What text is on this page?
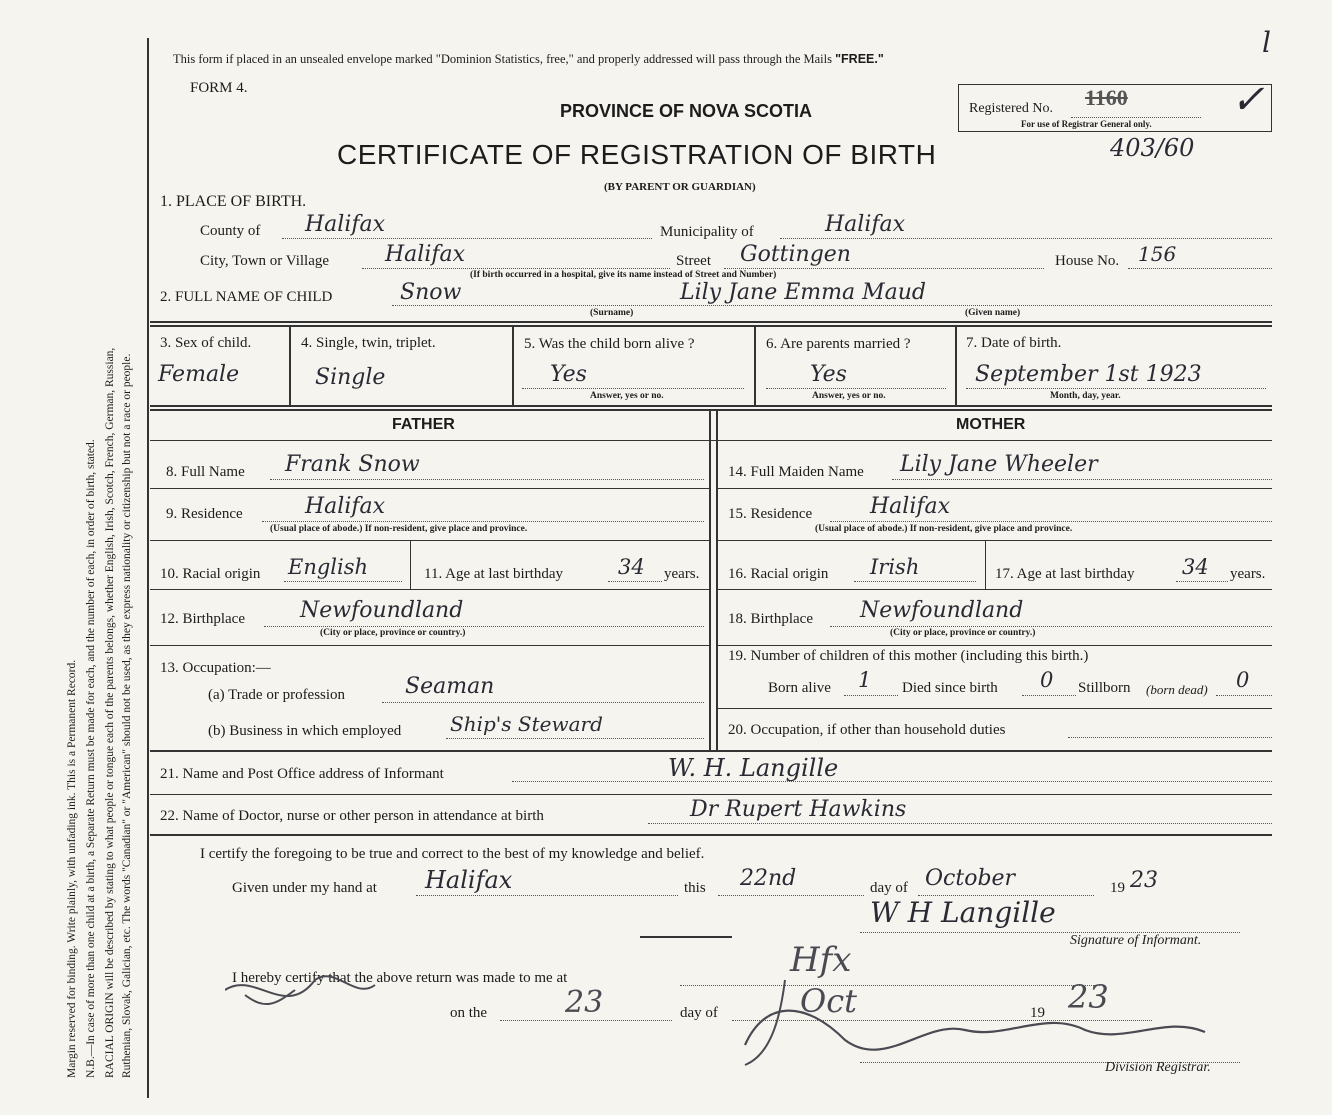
Margin reserved for binding. Write plainly, with unfading ink. This is a Permanent Record. N.B.—In case of more than one child at a birth, a Separate Return must be made for each, and the number of each, in order of birth, stated. RACIAL ORIGIN will be described by stating to what people or tongue each of the parents belongs, whether English, Irish, Scotch, French, German, Russian, Ruthenian, Slovak, Galician, etc. The words "Canadian" or "American" should not be used, as they express nationality or citizenship but not a race or people.
This form if placed in an unsealed envelope marked "Dominion Statistics, free," and properly addressed will pass through the Mails "FREE."	l
FORM 4.
PROVINCE OF NOVA SCOTIA
CERTIFICATE OF REGISTRATION OF BIRTH
(BY PARENT OR GUARDIAN)
403/60
Registered No. 1160
For use of Registrar General only.
✓
1. PLACE OF BIRTH.
County of Halifax	Municipality of	Halifax
City, Town or Village	Halifax	Street Gottingen	House No. 156
(If birth occurred in a hospital, give its name instead of Street and Number)
2. FULL NAME OF CHILD	Snow	Lily Jane Emma Maud
(Surname)	(Given name)
3. Sex of child.
Female
4. Single, twin, triplet.
Single
5. Was the child born alive ?
Yes
Answer, yes or no.
6. Are parents married ?
Yes
Answer, yes or no.
7. Date of birth.
September 1st 1923
Month, day, year.
FATHER	MOTHER
8. Full Name Frank Snow
9. Residence	Halifax
(Usual place of abode.) If non-resident, give place and province.
10. Racial origin English	11. Age at last birthday	34 years.
12. Birthplace	Newfoundland
(City or place, province or country.)
13. Occupation:—
(a) Trade or profession	Seaman
(b) Business in which employed Ship's Steward
14. Full Maiden Name Lily Jane Wheeler
15. Residence	Halifax
(Usual place of abode.) If non-resident, give place and province.
16. Racial origin Irish	17. Age at last birthday 34 years.
18. Birthplace Newfoundland
(City or place, province or country.)
19. Number of children of this mother (including this birth.)
Born alive 1 Died since birth 0 Stillborn (born dead) 0
20. Occupation, if other than household duties
21. Name and Post Office address of Informant	W. H. Langille
22. Name of Doctor, nurse or other person in attendance at birth	Dr Rupert Hawkins
I certify the foregoing to be true and correct to the best of my knowledge and belief.
Given under my hand at Halifax	this 22nd	day of October	19 23
W H Langille
Signature of Informant.
I hereby certify that the above return was made to me at	Hfx
on the	23	day of	Oct	19 23
Division Registrar.
